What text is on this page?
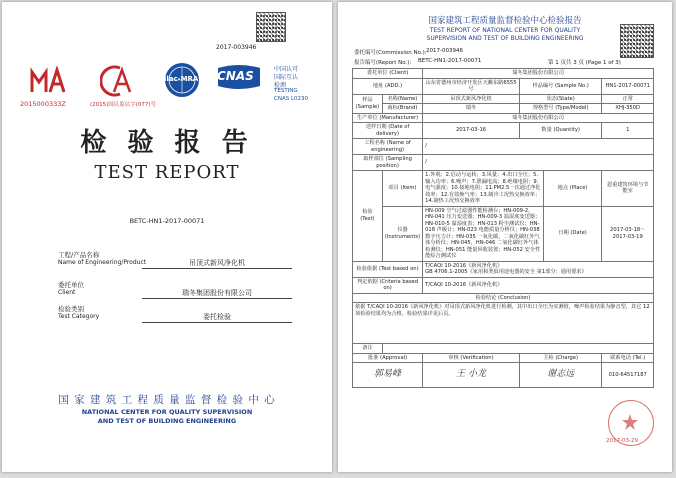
2017-003946
2015000333Z	(2015)国认监认字(077)号
ilac-MRA CNAS	中国认可
国际互认
检测
TESTING
CNAS L0230
检 验 报 告
TEST REPORT
BETC-HN1-2017-00071
工程/产品名称
Name of Engineering/Product	吊顶式新风净化机
委托单位
Client	瑞冬集团股份有限公司
检验类别
Test Category	委托检验
国 家 建 筑 工 程 质 量 监 督 检 验 中 心
NATIONAL CENTER FOR QUALITY SUPERVISION
AND TEST OF BUILDING ENGINEERING
国家建筑工程质量监督检验中心检验报告
TEST REPORT OF NATIONAL CENTER FOR QUALITY
SUPERVISION AND TEST OF BUILDING ENGINEERING
委托编号(Commission No.): 2017-003946
报告编号(Report No.): BETC-HN1-2017-00071	第 1 页共 3 页 (Page 1 of 3)
委托单位 (Client)		瑞冬集团股份有限公司			
地址 (ADD.)		山东省德州市经济开发区天衢东路6555号	样品编号 (Sample No.)		HN1-2017-00071
样品 (Sample)	名称(Name)	吊顶式新风净化机	状态(State)		正常
	商标(Brand)	瑞冬	规格型号 (Type/Model)		XHJ-350D
生产单位 (Manufacturer)		瑞冬集团股份有限公司			
送样日期 (Date of delivery)		2017-03-16	数量 (Quantity)		1
工程名称 (Name of engineering)		/			
取样部位 (Sampling position)		/			
检验 (Test)	项目 (Item)	1.外观；2.启动与运转；3.风量；4.出口全压；5.输入功率；6.噪声；7.泄漏电流；8.绝缘电阻；9.电气强度；10.接地电阻；11.PM2.5一次通过净化效率；12.有效换气率；13.制冷工况热交换效率；14.制热工况热交换效率		地点 (Place)	恩重建筑环境与节能室
	仪器 (Instruments)	HN-009 空气过滤器性能检测台；HN-009-2，HN-041 压力变送器；HN-009-3 温湿度变送器；HN-010-5 温湿度表；HN-013 粉尘测试仪；HN-018 声级计；HN-023 电能质量分析仪；HN-038 数字压力计；HN-035 一氧化碳、二氧化碳红外气体分析仪；HN-045，HN-046 二氧化碳红外气体检测仪；HN-051 能量回收装置；HN-052 安全性能综合测试仪		日期 (Date)	2017-03-18～2017-03-19
检验依据 (Test based on)		T/CAQI 10-2016《新风净化机》
GB 4706.1-2005《家用和类似用途电器的安全 第1部分：通用要求》			

判定依据 (Criteria based on)		T/CAQI 10-2016《新风净化机》			
检验结论 (Conclusion)					
依据 T/CAQI 10-2016《新风净化机》对吊顶式新风净化机进行检测，其中出口全压为实测值，噪声检验结果为静音型，其它 12 项检验结果均为合格。检验结果详见后页。					
备注					
批准 (Approval)		审核 (Verification)	主检 (Charge)		联系电话 (Tel.)
郭易峰		王 小龙	谢志远		010-64517187
2017-03-29
